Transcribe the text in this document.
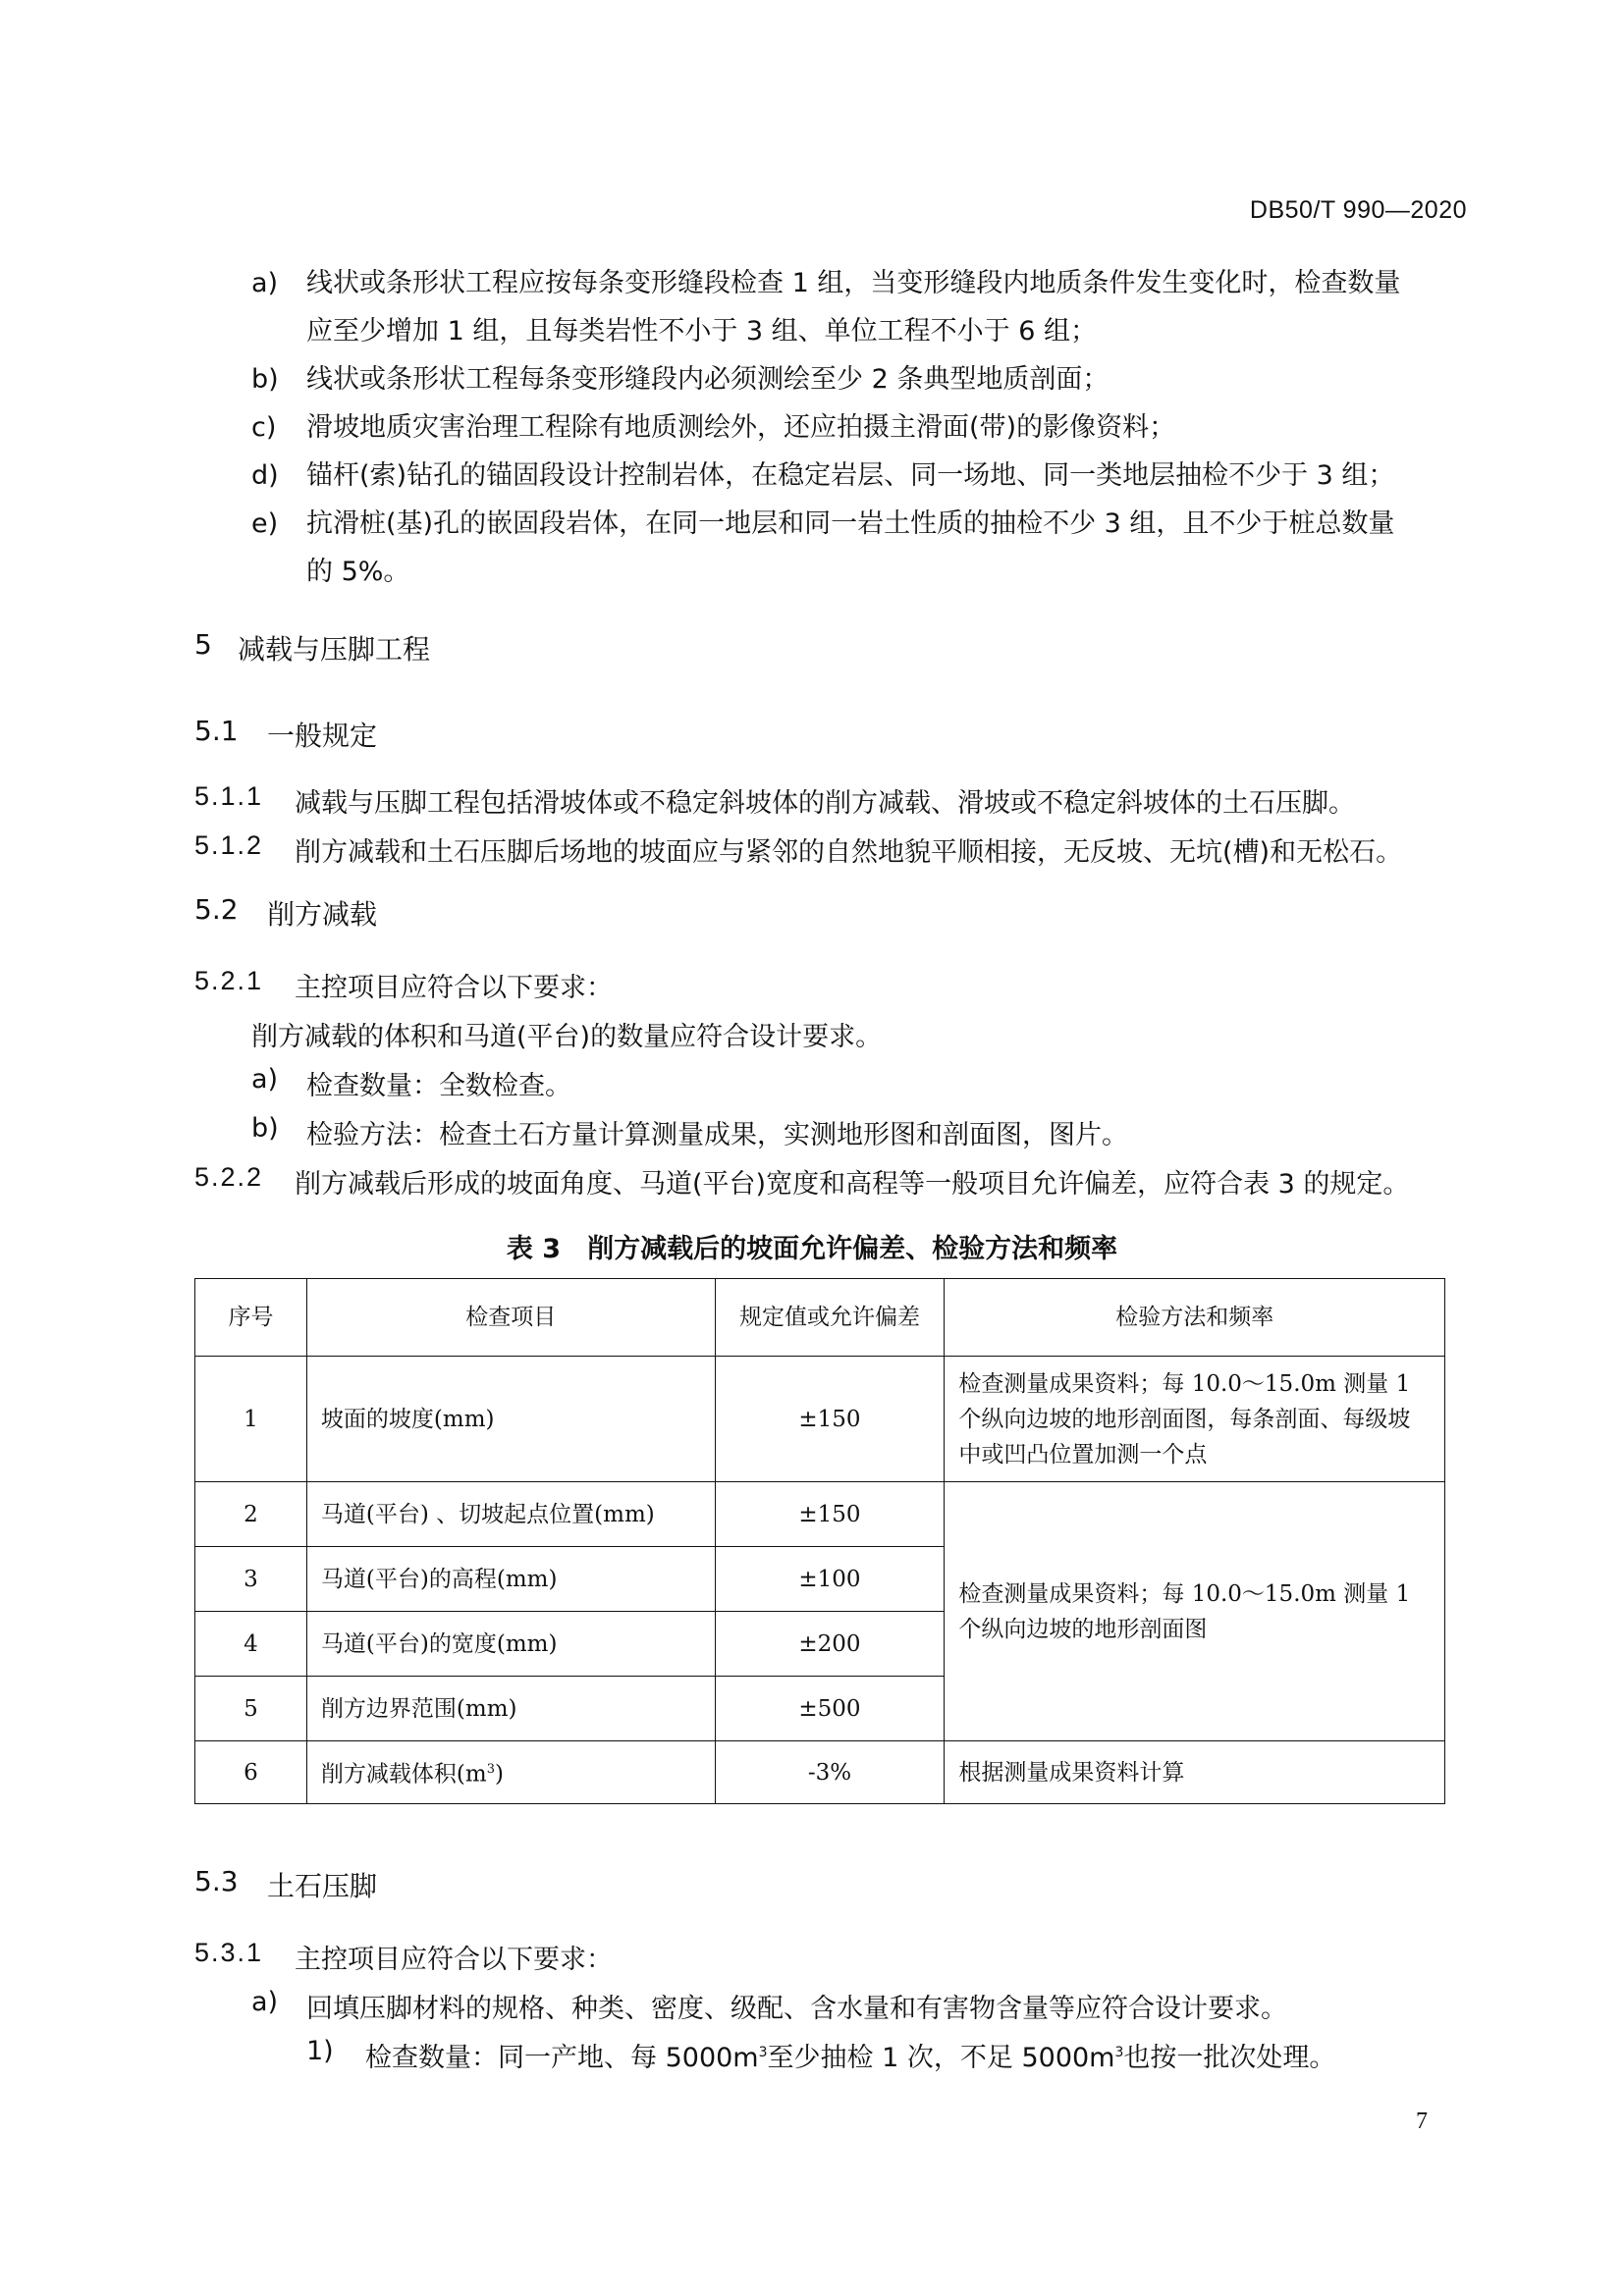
DB50/T 990—2020
a) 线状或条形状工程应按每条变形缝段检查 1 组，当变形缝段内地质条件发生变化时，检查数量
应至少增加 1 组，且每类岩性不小于 3 组、单位工程不小于 6 组；
b) 线状或条形状工程每条变形缝段内必须测绘至少 2 条典型地质剖面；
c) 滑坡地质灾害治理工程除有地质测绘外，还应拍摄主滑面(带)的影像资料；
d) 锚杆(索)钻孔的锚固段设计控制岩体，在稳定岩层、同一场地、同一类地层抽检不少于 3 组；
e) 抗滑桩(基)孔的嵌固段岩体，在同一地层和同一岩土性质的抽检不少 3 组，且不少于桩总数量
的 5%。
5 减载与压脚工程
5.1 一般规定
5.1.1 减载与压脚工程包括滑坡体或不稳定斜坡体的削方减载、滑坡或不稳定斜坡体的土石压脚。
5.1.2 削方减载和土石压脚后场地的坡面应与紧邻的自然地貌平顺相接，无反坡、无坑(槽)和无松石。
5.2 削方减载
5.2.1 主控项目应符合以下要求：
削方减载的体积和马道(平台)的数量应符合设计要求。
a) 检查数量：全数检查。
b) 检验方法：检查土石方量计算测量成果，实测地形图和剖面图，图片。
5.2.2 削方减载后形成的坡面角度、马道(平台)宽度和高程等一般项目允许偏差，应符合表 3 的规定。
表 3　削方减载后的坡面允许偏差、检验方法和频率
序号	检查项目	规定值或允许偏差	检验方法和频率
1	坡面的坡度(mm)	±150	检查测量成果资料；每 10.0～15.0m 测量 1 个纵向边坡的地形剖面图，每条剖面、每级坡中或凹凸位置加测一个点
2	马道(平台) 、切坡起点位置(mm)	±150	检查测量成果资料；每 10.0～15.0m 测量 1 个纵向边坡的地形剖面图
3	马道(平台)的高程(mm)	±100	
4	马道(平台)的宽度(mm)	±200	
5	削方边界范围(mm)	±500	
6	削方减载体积$(m^3)$	-3%	根据测量成果资料计算
5.3 土石压脚
5.3.1 主控项目应符合以下要求：
a) 回填压脚材料的规格、种类、密度、级配、含水量和有害物含量等应符合设计要求。
1) 检查数量：同一产地、每 $5000m^3$至少抽检 1 次，不足 $5000m^3$也按一批次处理。
7
